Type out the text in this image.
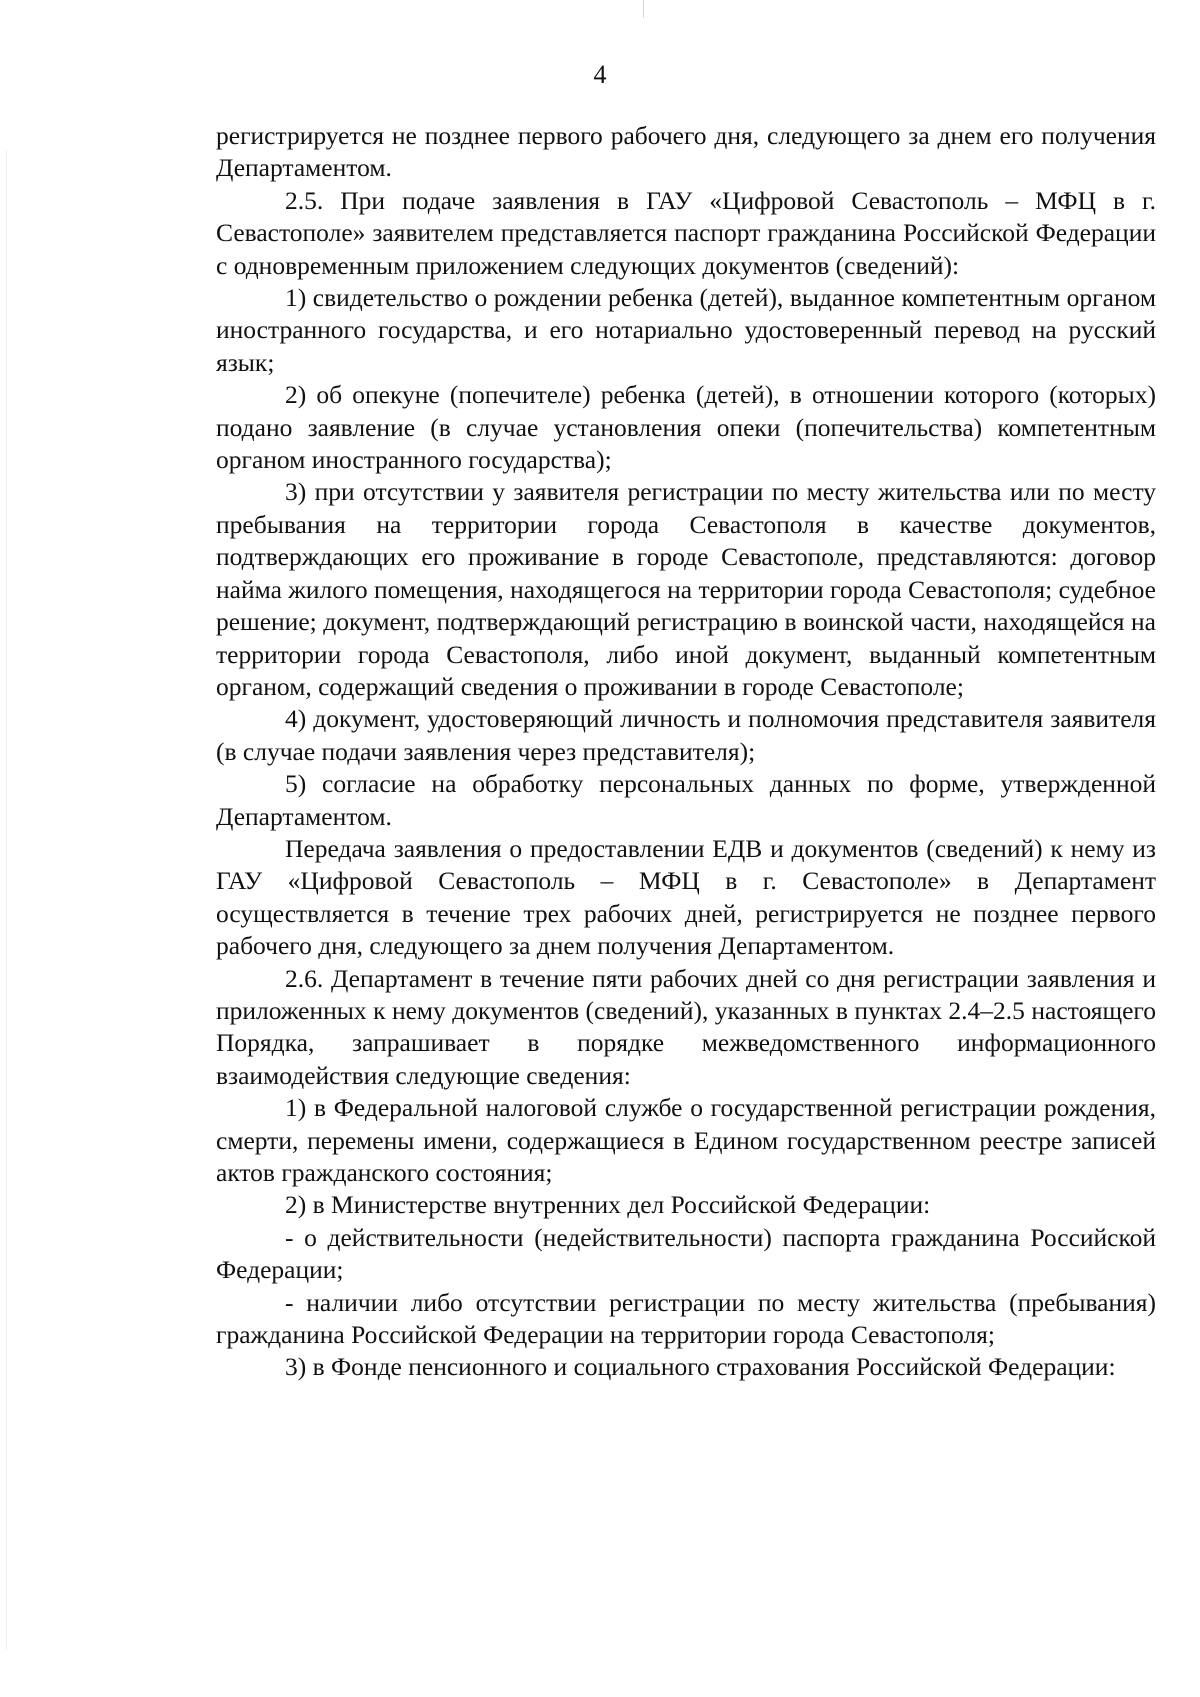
4

регистрируется не позднее первого рабочего дня, следующего за днем его получения Департаментом.

2.5. При подаче заявления в ГАУ «Цифровой Севастополь – МФЦ в г. Севастополе» заявителем представляется паспорт гражданина Российской Федерации с одновременным приложением следующих документов (сведений):

1) свидетельство о рождении ребенка (детей), выданное компетентным органом иностранного государства, и его нотариально удостоверенный перевод на русский язык;

2) об опекуне (попечителе) ребенка (детей), в отношении которого (которых) подано заявление (в случае установления опеки (попечительства) компетентным органом иностранного государства);

3) при отсутствии у заявителя регистрации по месту жительства или по месту пребывания на территории города Севастополя в качестве документов, подтверждающих его проживание в городе Севастополе, представляются: договор найма жилого помещения, находящегося на территории города Севастополя; судебное решение; документ, подтверждающий регистрацию в воинской части, находящейся на территории города Севастополя, либо иной документ, выданный компетентным органом, содержащий сведения о проживании в городе Севастополе;

4) документ, удостоверяющий личность и полномочия представителя заявителя (в случае подачи заявления через представителя);

5) согласие на обработку персональных данных по форме, утвержденной Департаментом.

Передача заявления о предоставлении ЕДВ и документов (сведений) к нему из ГАУ «Цифровой Севастополь – МФЦ в г. Севастополе» в Департамент осуществляется в течение трех рабочих дней, регистрируется не позднее первого рабочего дня, следующего за днем получения Департаментом.

2.6. Департамент в течение пяти рабочих дней со дня регистрации заявления и приложенных к нему документов (сведений), указанных в пунктах 2.4–2.5 настоящего Порядка, запрашивает в порядке межведомственного информационного взаимодействия следующие сведения:

1) в Федеральной налоговой службе о государственной регистрации рождения, смерти, перемены имени, содержащиеся в Едином государственном реестре записей актов гражданского состояния;

2) в Министерстве внутренних дел Российской Федерации:

- о действительности (недействительности) паспорта гражданина Российской Федерации;

- наличии либо отсутствии регистрации по месту жительства (пребывания) гражданина Российской Федерации на территории города Севастополя;

3) в Фонде пенсионного и социального страхования Российской Федерации:
